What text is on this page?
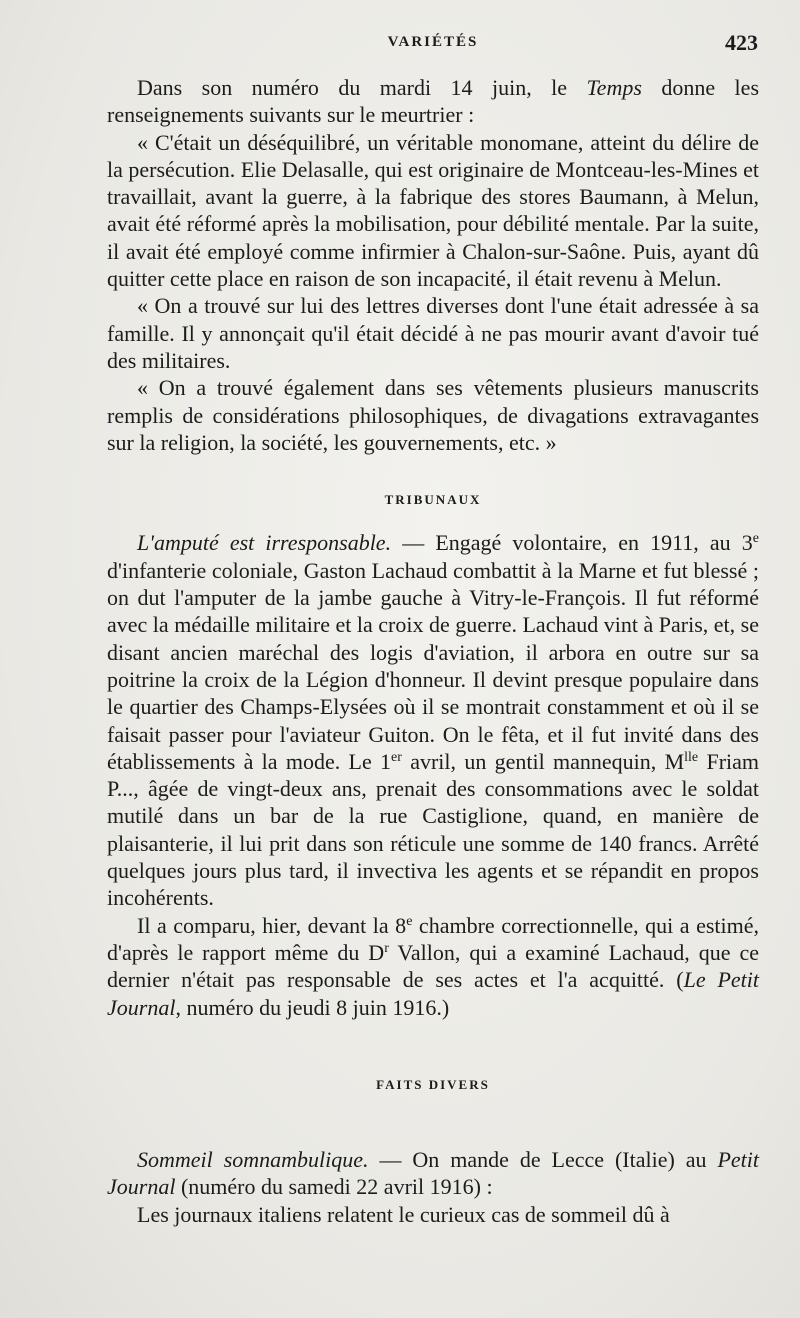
VARIÉTÉS	423

Dans son numéro du mardi 14 juin, le Temps donne les renseignements suivants sur le meurtrier :

« C'était un déséquilibré, un véritable monomane, atteint du délire de la persécution. Elie Delasalle, qui est originaire de Montceau-les-Mines et travaillait, avant la guerre, à la fabrique des stores Baumann, à Melun, avait été réformé après la mobilisation, pour débilité mentale. Par la suite, il avait été employé comme infirmier à Chalon-sur-Saône. Puis, ayant dû quitter cette place en raison de son incapacité, il était revenu à Melun.

« On a trouvé sur lui des lettres diverses dont l'une était adressée à sa famille. Il y annonçait qu'il était décidé à ne pas mourir avant d'avoir tué des militaires.

« On a trouvé également dans ses vêtements plusieurs manuscrits remplis de considérations philosophiques, de divagations extravagantes sur la religion, la société, les gouvernements, etc. »

TRIBUNAUX

L'amputé est irresponsable. — Engagé volontaire, en 1911, au 3e d'infanterie coloniale, Gaston Lachaud combattit à la Marne et fut blessé ; on dut l'amputer de la jambe gauche à Vitry-le-François. Il fut réformé avec la médaille militaire et la croix de guerre. Lachaud vint à Paris, et, se disant ancien maréchal des logis d'aviation, il arbora en outre sur sa poitrine la croix de la Légion d'honneur. Il devint presque populaire dans le quartier des Champs-Elysées où il se montrait constamment et où il se faisait passer pour l'aviateur Guiton. On le fêta, et il fut invité dans des établissements à la mode. Le 1er avril, un gentil mannequin, $M^{lle}$ Friam P..., âgée de vingt-deux ans, prenait des consommations avec le soldat mutilé dans un bar de la rue Castiglione, quand, en manière de plaisanterie, il lui prit dans son réticule une somme de 140 francs. Arrêté quelques jours plus tard, il invectiva les agents et se répandit en propos incohérents.

Il a comparu, hier, devant la 8e chambre correctionnelle, qui a estimé, d'après le rapport même du $D^r$ Vallon, qui a examiné Lachaud, que ce dernier n'était pas responsable de ses actes et l'a acquitté. (Le Petit Journal, numéro du jeudi 8 juin 1916.)

FAITS DIVERS

Sommeil somnambulique. — On mande de Lecce (Italie) au Petit Journal (numéro du samedi 22 avril 1916) :

Les journaux italiens relatent le curieux cas de sommeil dû à
